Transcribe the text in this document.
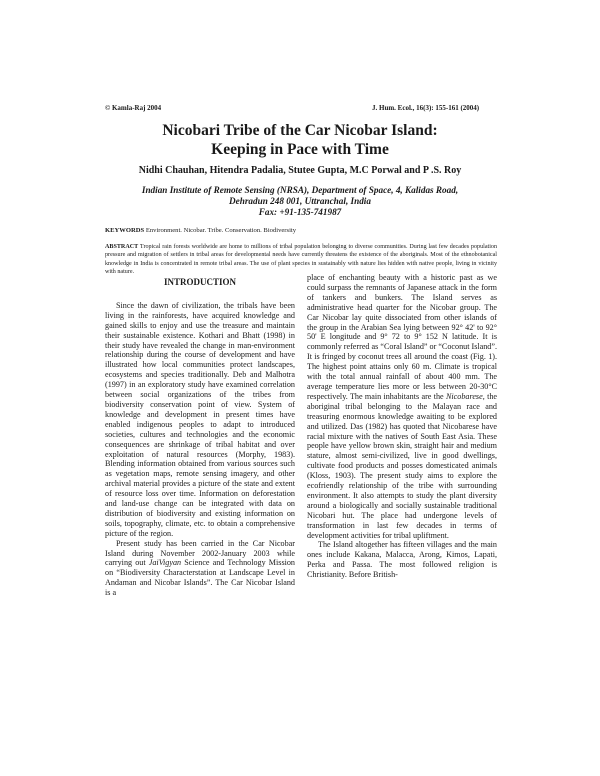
© Kamla-Raj 2004	J. Hum. Ecol., 16(3): 155-161 (2004)
Nicobari Tribe of the Car Nicobar Island:
Keeping in Pace with Time
Nidhi Chauhan, Hitendra Padalia, Stutee Gupta, M.C Porwal and P .S. Roy
Indian Institute of Remote Sensing (NRSA), Department of Space, 4, Kalidas Road,
Dehradun 248 001, Uttranchal, India
Fax: +91-135-741987
KEYWORDS Environment. Nicobar. Tribe. Conservation. Biodiversity
ABSTRACT Tropical rain forests worldwide are home to millions of tribal population belonging to diverse communities. During last few decades population pressure and migration of settlers in tribal areas for developmental needs have currently threatens the existence of the aboriginals. Most of the ethnobotanical knowledge in India is concentrated in remote tribal areas. The use of plant species in sustainably with nature lies hidden with native people, living in vicinity with nature.
INTRODUCTION

Since the dawn of civilization, the tribals have been living in the rainforests, have acquired knowledge and gained skills to enjoy and use the treasure and maintain their sustainable existence. Kothari and Bhatt (1998) in their study have revealed the change in man-environment relationship during the course of development and have illustrated how local communities protect landscapes, ecosystems and species traditionally. Deb and Malhotra (1997) in an exploratory study have examined correlation between social organizations of the tribes from biodiversity conservation point of view. System of knowledge and development in present times have enabled indigenous peoples to adapt to introduced societies, cultures and technologies and the economic consequences are shrinkage of tribal habitat and over exploitation of natural resources (Morphy, 1983). Blending information obtained from various sources such as vegetation maps, remote sensing imagery, and other archival material provides a picture of the state and extent of resource loss over time. Information on deforestation and land-use change can be integrated with data on distribution of biodiversity and existing information on soils, topography, climate, etc. to obtain a comprehensive picture of the region.

Present study has been carried in the Car Nicobar Island during November 2002-January 2003 while carrying out JaiVigyan Science and Technology Mission on “Biodiversity Characterstation at Landscape Level in Andaman and Nicobar Islands”. The Car Nicobar Island is a

place of enchanting beauty with a historic past as we could surpass the remnants of Japanese attack in the form of tankers and bunkers. The Island serves as administrative head quarter for the Nicobar group. The Car Nicobar lay quite dissociated from other islands of the group in the Arabian Sea lying between 92° 42' to 92° 50' E longitude and 9° 72 to 9° 152 N latitude. It is commonly referred as “Coral Island” or “Coconut Island”. It is fringed by coconut trees all around the coast (Fig. 1). The highest point attains only 60 m. Climate is tropical with the total annual rainfall of about 400 mm. The average temperature lies more or less between 20-30°C respectively. The main inhabitants are the Nicobarese, the aboriginal tribal belonging to the Malayan race and treasuring enormous knowledge awaiting to be explored and utilized. Das (1982) has quoted that Nicobarese have racial mixture with the natives of South East Asia. These people have yellow brown skin, straight hair and medium stature, almost semi-civilized, live in good dwellings, cultivate food products and posses domesticated animals (Kloss, 1903). The present study aims to explore the ecofriendly relationship of the tribe with surrounding environment. It also attempts to study the plant diversity around a biologically and socially sustainable traditional Nicobari hut. The place had undergone levels of transformation in last few decades in terms of development activities for tribal upliftment.

The Island altogether has fifteen villages and the main ones include Kakana, Malacca, Arong, Kimos, Lapati, Perka and Passa. The most followed religion is Christianity. Before British-
